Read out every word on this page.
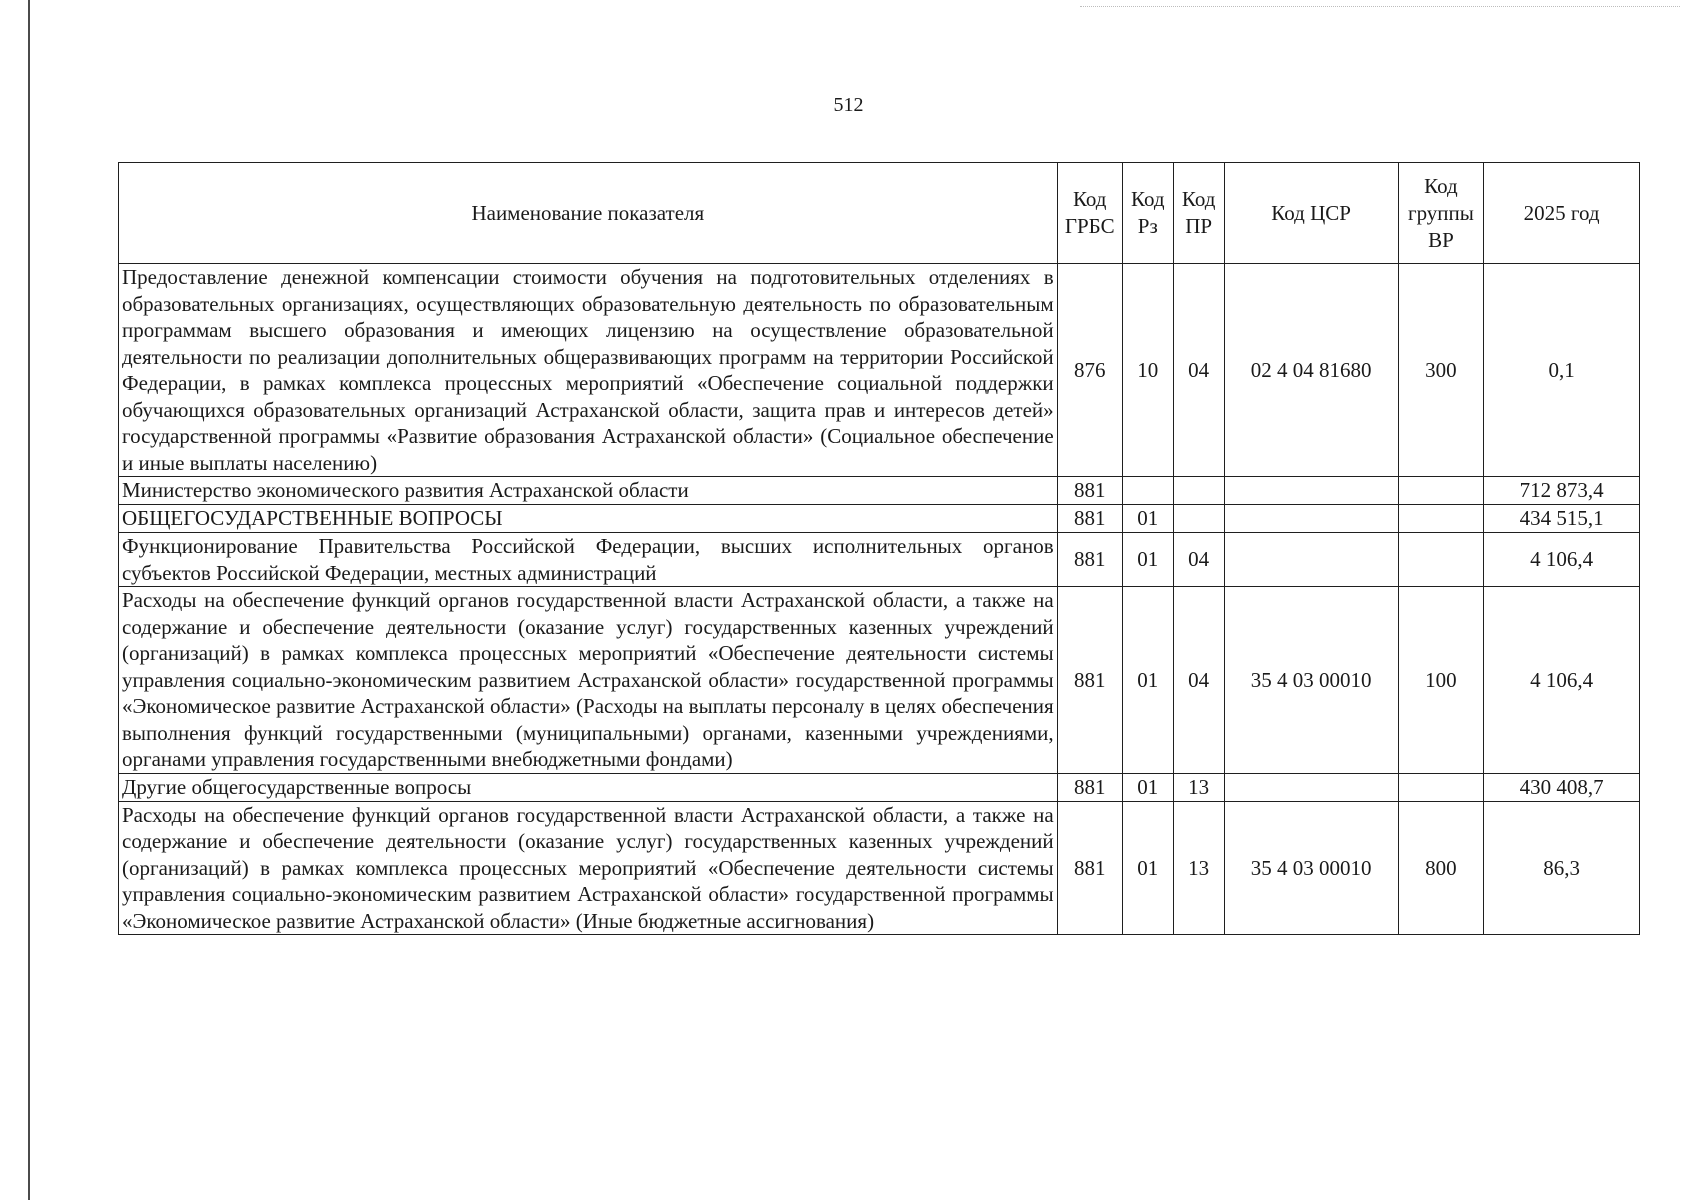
512
Наименование показателя	Код ГРБС	Код Рз	Код ПР	Код ЦСР	Код группы ВР	2025 год
Предоставление денежной компенсации стоимости обучения на подготовительных отделениях в образовательных организациях, осуществляющих образовательную деятельность по образовательным программам высшего образования и имеющих лицензию на осуществление образовательной деятельности по реализации дополнительных общеразвивающих программ на территории Российской Федерации, в рамках комплекса процессных мероприятий «Обеспечение социальной поддержки обучающихся образовательных организаций Астраханской области, защита прав и интересов детей» государственной программы «Развитие образования Астраханской области» (Социальное обеспечение и иные выплаты населению)	876	10	04	02 4 04 81680	300	0,1
Министерство экономического развития Астраханской области	881					712 873,4
ОБЩЕГОСУДАРСТВЕННЫЕ ВОПРОСЫ	881	01				434 515,1
Функционирование Правительства Российской Федерации, высших исполнительных органов субъектов Российской Федерации, местных администраций	881	01	04			4 106,4
Расходы на обеспечение функций органов государственной власти Астраханской области, а также на содержание и обеспечение деятельности (оказание услуг) государственных казенных учреждений (организаций) в рамках комплекса процессных мероприятий «Обеспечение деятельности системы управления социально-экономическим развитием Астраханской области» государственной программы «Экономическое развитие Астраханской области» (Расходы на выплаты персоналу в целях обеспечения выполнения функций государственными (муниципальными) органами, казенными учреждениями, органами управления государственными внебюджетными фондами)	881	01	04	35 4 03 00010	100	4 106,4
Другие общегосударственные вопросы	881	01	13			430 408,7
Расходы на обеспечение функций органов государственной власти Астраханской области, а также на содержание и обеспечение деятельности (оказание услуг) государственных казенных учреждений (организаций) в рамках комплекса процессных мероприятий «Обеспечение деятельности системы управления социально-экономическим развитием Астраханской области» государственной программы «Экономическое развитие Астраханской области» (Иные бюджетные ассигнования)	881	01	13	35 4 03 00010	800	86,3
